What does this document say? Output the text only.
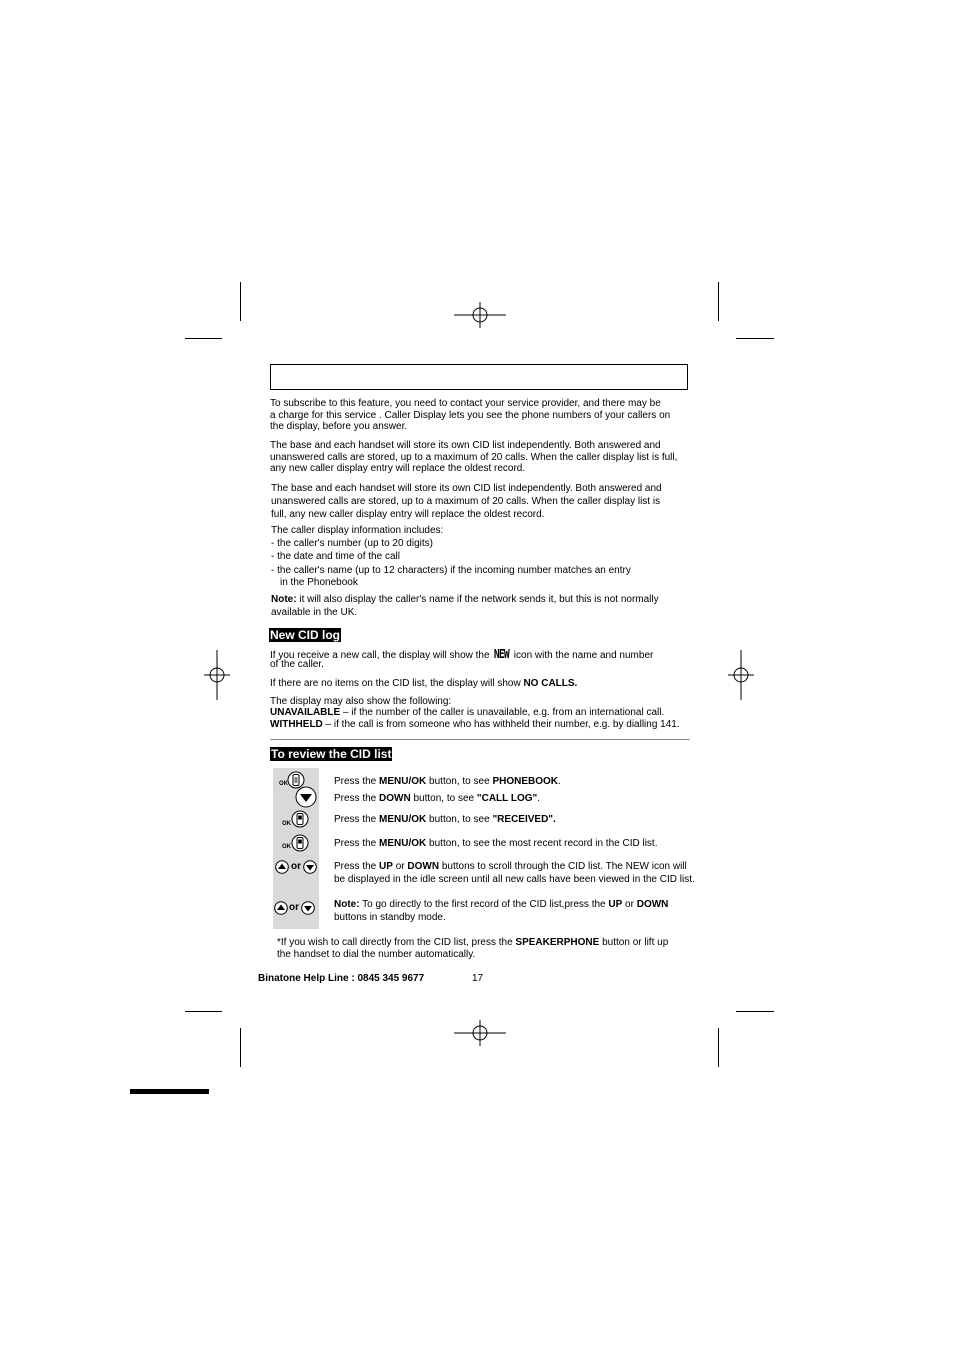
To subscribe to this feature, you need to contact your service provider, and there may be
a charge for this service . Caller Display lets you see the phone numbers of your callers on
the display, before you answer.
The base and each handset will store its own CID list independently. Both answered and
unanswered calls are stored, up to a maximum of 20 calls. When the caller display list is full,
any new caller display entry will replace the oldest record.
The base and each handset will store its own CID list independently. Both answered and
unanswered calls are stored, up to a maximum of 20 calls. When the caller display list is
full, any new caller display entry will replace the oldest record.
The caller display information includes:
- the caller's number (up to 20 digits)
- the date and time of the call
- the caller's name (up to 12 characters) if the incoming number matches an entry
in the Phonebook
Note: it will also display the caller's name if the network sends it, but this is not normally
available in the UK.
New CID log
If you receive a new call, the display will show the NEW icon with the name and number
of the caller.
If there are no items on the CID list, the display will show NO CALLS.
The display may also show the following:
UNAVAILABLE – if the number of the caller is unavailable, e.g. from an international call.
WITHHELD – if the call is from someone who has withheld their number, e.g. by dialling 141.
To review the CID list
OK
OK
OK
or
or
Press the MENU/OK button, to see PHONEBOOK.
Press the DOWN button, to see "CALL LOG".
Press the MENU/OK button, to see "RECEIVED".
Press the MENU/OK button, to see the most recent record in the CID list.
Press the UP or DOWN buttons to scroll through the CID list. The NEW icon will
be displayed in the idle screen until all new calls have been viewed in the CID list.
Note: To go directly to the first record of the CID list,press the UP or DOWN
buttons in standby mode.
*If you wish to call directly from the CID list, press the SPEAKERPHONE button or lift up
the handset to dial the number automatically.
Binatone Help Line : 0845 345 9677	17
